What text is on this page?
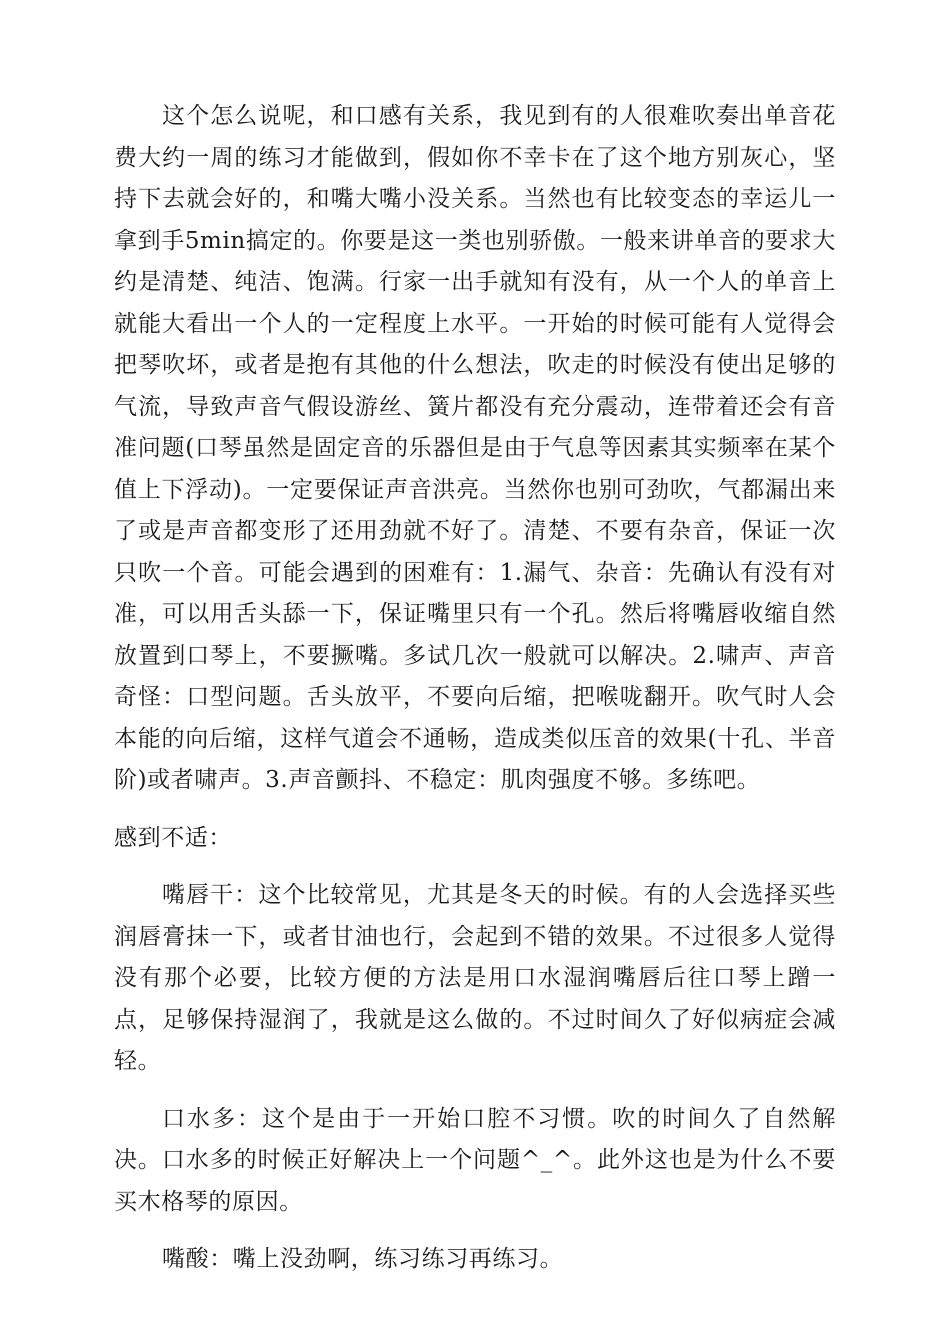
这个怎么说呢，和口感有关系，我见到有的人很难吹奏出单音花费大约一周的练习才能做到，假如你不幸卡在了这个地方别灰心，坚持下去就会好的，和嘴大嘴小没关系。当然也有比较变态的幸运儿一拿到手5min搞定的。你要是这一类也别骄傲。一般来讲单音的要求大约是清楚、纯洁、饱满。行家一出手就知有没有，从一个人的单音上就能大看出一个人的一定程度上水平。一开始的时候可能有人觉得会把琴吹坏，或者是抱有其他的什么想法，吹走的时候没有使出足够的气流，导致声音气假设游丝、簧片都没有充分震动，连带着还会有音准问题(口琴虽然是固定音的乐器但是由于气息等因素其实频率在某个值上下浮动)。一定要保证声音洪亮。当然你也别可劲吹，气都漏出来了或是声音都变形了还用劲就不好了。清楚、不要有杂音，保证一次只吹一个音。可能会遇到的困难有：1.漏气、杂音：先确认有没有对准，可以用舌头舔一下，保证嘴里只有一个孔。然后将嘴唇收缩自然放置到口琴上，不要撅嘴。多试几次一般就可以解决。2.啸声、声音奇怪：口型问题。舌头放平，不要向后缩，把喉咙翻开。吹气时人会本能的向后缩，这样气道会不通畅，造成类似压音的效果(十孔、半音阶)或者啸声。3.声音颤抖、不稳定：肌肉强度不够。多练吧。

感到不适：

嘴唇干：这个比较常见，尤其是冬天的时候。有的人会选择买些润唇膏抹一下，或者甘油也行，会起到不错的效果。不过很多人觉得没有那个必要，比较方便的方法是用口水湿润嘴唇后往口琴上蹭一点，足够保持湿润了，我就是这么做的。不过时间久了好似病症会减轻。

口水多：这个是由于一开始口腔不习惯。吹的时间久了自然解决。口水多的时候正好解决上一个问题^_^。此外这也是为什么不要买木格琴的原因。

嘴酸：嘴上没劲啊，练习练习再练习。
